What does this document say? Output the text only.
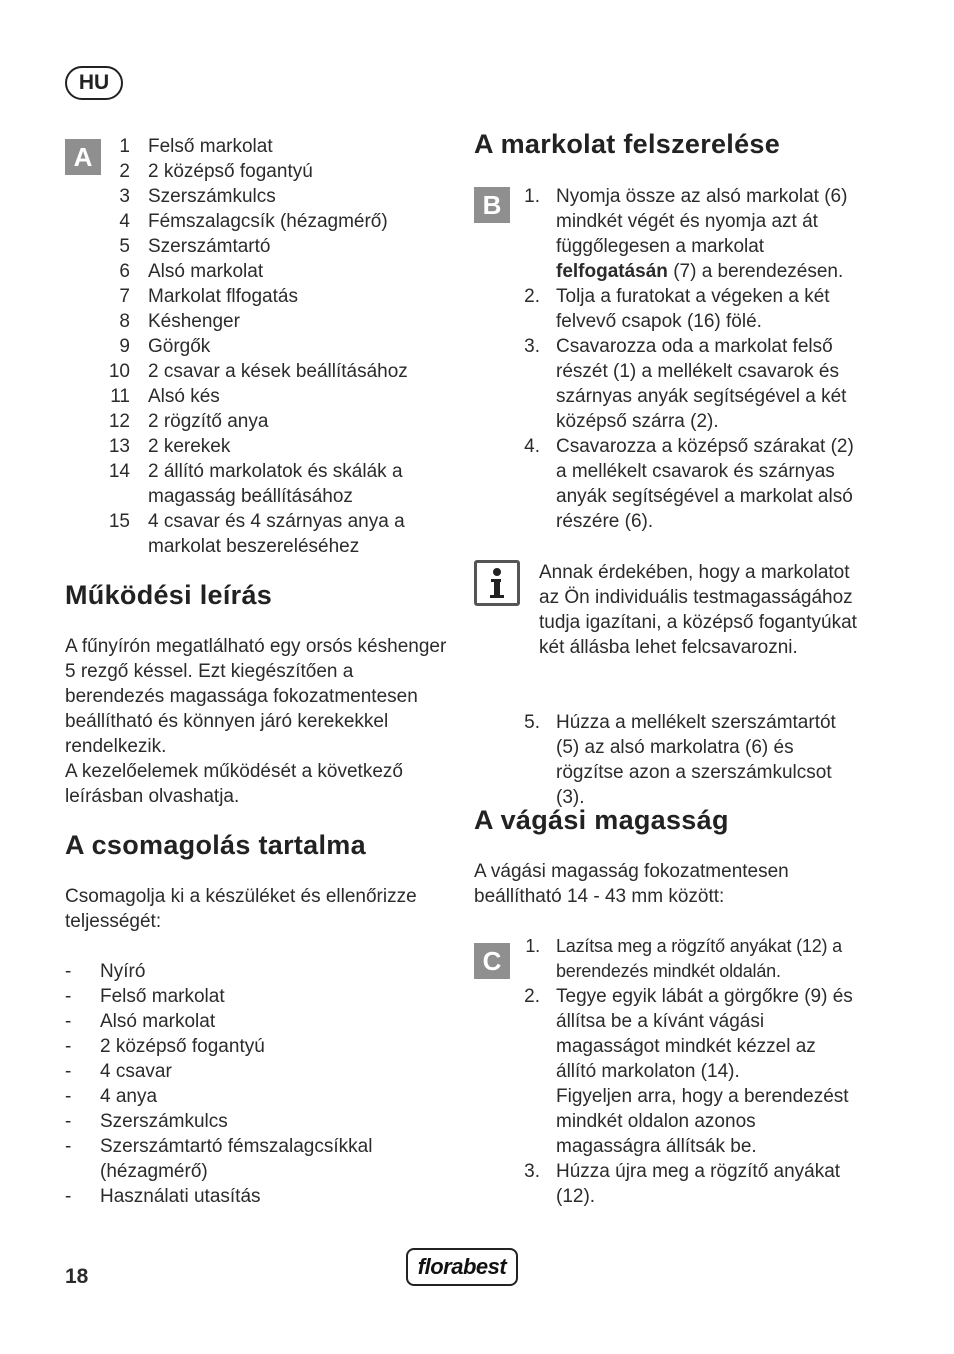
HU
A	1 Felső markolat
2 2 középső fogantyú
3 Szerszámkulcs
4 Fémszalagcsík (hézagmérő)
5 Szerszámtartó
6 Alsó markolat
7 Markolat flfogatás
8 Késhenger
9 Görgők
10 2 csavar a kések beállításához
11 Alsó kés
12 2 rögzítő anya
13 2 kerekek
14 2 állító markolatok és skálák a magasság beállításához
15 4 csavar és 4 szárnyas anya a markolat beszereléséhez
Működési leírás

A fűnyírón megatlálható egy orsós késhenger 5 rezgő késsel. Ezt kiegészítően a berendezés magassága fokozatmentesen beállítható és könnyen járó kerekekkel rendelkezik.

A kezelőelemek működését a következő leírásban olvashatja.

A csomagolás tartalma
Csomagolja ki a készüléket és ellenőrizze teljességét:
-	Nyíró
-	Felső markolat
-	Alsó markolat
-	2 középső fogantyú
-	4 csavar
-	4 anya
-	Szerszámkulcs
-	Szerszámtartó fémszalagcsíkkal (hézagmérő)
-	Használati utasítás
A markolat felszerelése
B	1. Nyomja össze az alsó markolat (6) mindkét végét és nyomja azt át függőlegesen a markolat felfogatásán (7) a berendezésen.
2. Tolja a furatokat a végeken a két felvevő csapok (16) fölé.
3. Csavarozza oda a markolat felső részét (1) a mellékelt csavarok és szárnyas anyák segítségével a két középső szárra (2).
4. Csavarozza a középső szárakat (2) a mellékelt csavarok és szárnyas anyák segítségével a markolat alsó részére (6).
Annak érdekében, hogy a markolatot az Ön individuális testmagasságához tudja igazítani, a középső fogantyúkat két állásba lehet felcsavarozni.
5. Húzza a mellékelt szerszámtartót (5) az alsó markolatra (6) és rögzítse azon a szerszámkulcsot (3).
A vágási magasság
A vágási magasság fokozatmentesen beállítható 14 - 43 mm között:
C	1. Lazítsa meg a rögzítő anyákat (12) a berendezés mindkét oldalán.
2. Tegye egyik lábát a görgőkre (9) és állítsa be a kívánt vágási magasságot mindkét kézzel az állító markolaton (14).
Figyeljen arra, hogy a berendezést mindkét oldalon azonos magasságra állítsák be.
3. Húzza újra meg a rögzítő anyákat (12).
18	florabest
